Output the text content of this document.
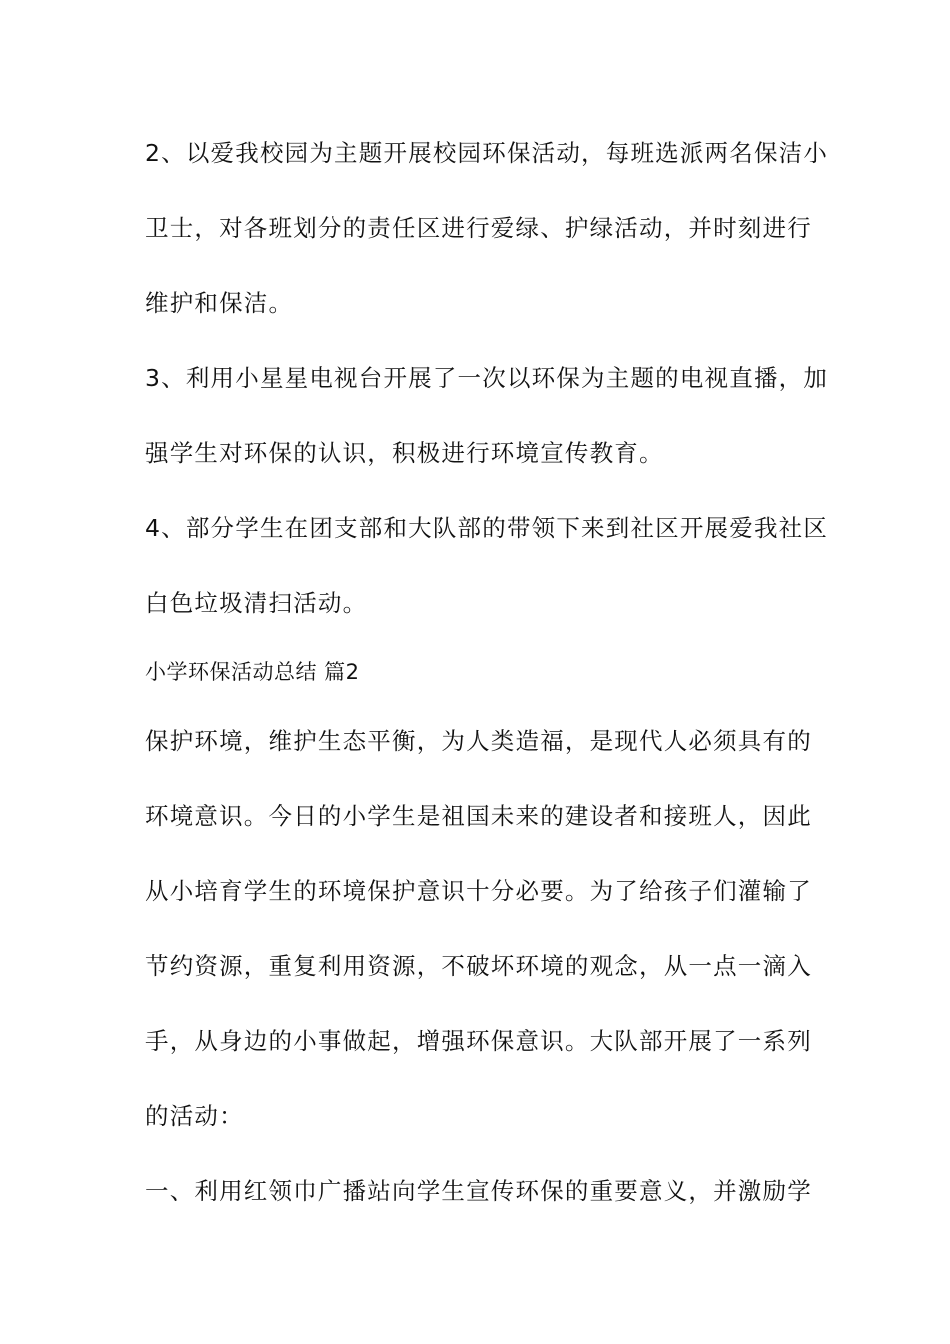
2、以爱我校园为主题开展校园环保活动，每班选派两名保洁小
卫士，对各班划分的责任区进行爱绿、护绿活动，并时刻进行
维护和保洁。
3、利用小星星电视台开展了一次以环保为主题的电视直播，加
强学生对环保的认识，积极进行环境宣传教育。
4、部分学生在团支部和大队部的带领下来到社区开展爱我社区
白色垃圾清扫活动。
小学环保活动总结 篇2
保护环境，维护生态平衡，为人类造福，是现代人必须具有的
环境意识。今日的小学生是祖国未来的建设者和接班人，因此
从小培育学生的环境保护意识十分必要。为了给孩子们灌输了
节约资源，重复利用资源，不破坏环境的观念，从一点一滴入
手，从身边的小事做起，增强环保意识。大队部开展了一系列
的活动：
一、利用红领巾广播站向学生宣传环保的重要意义，并激励学
